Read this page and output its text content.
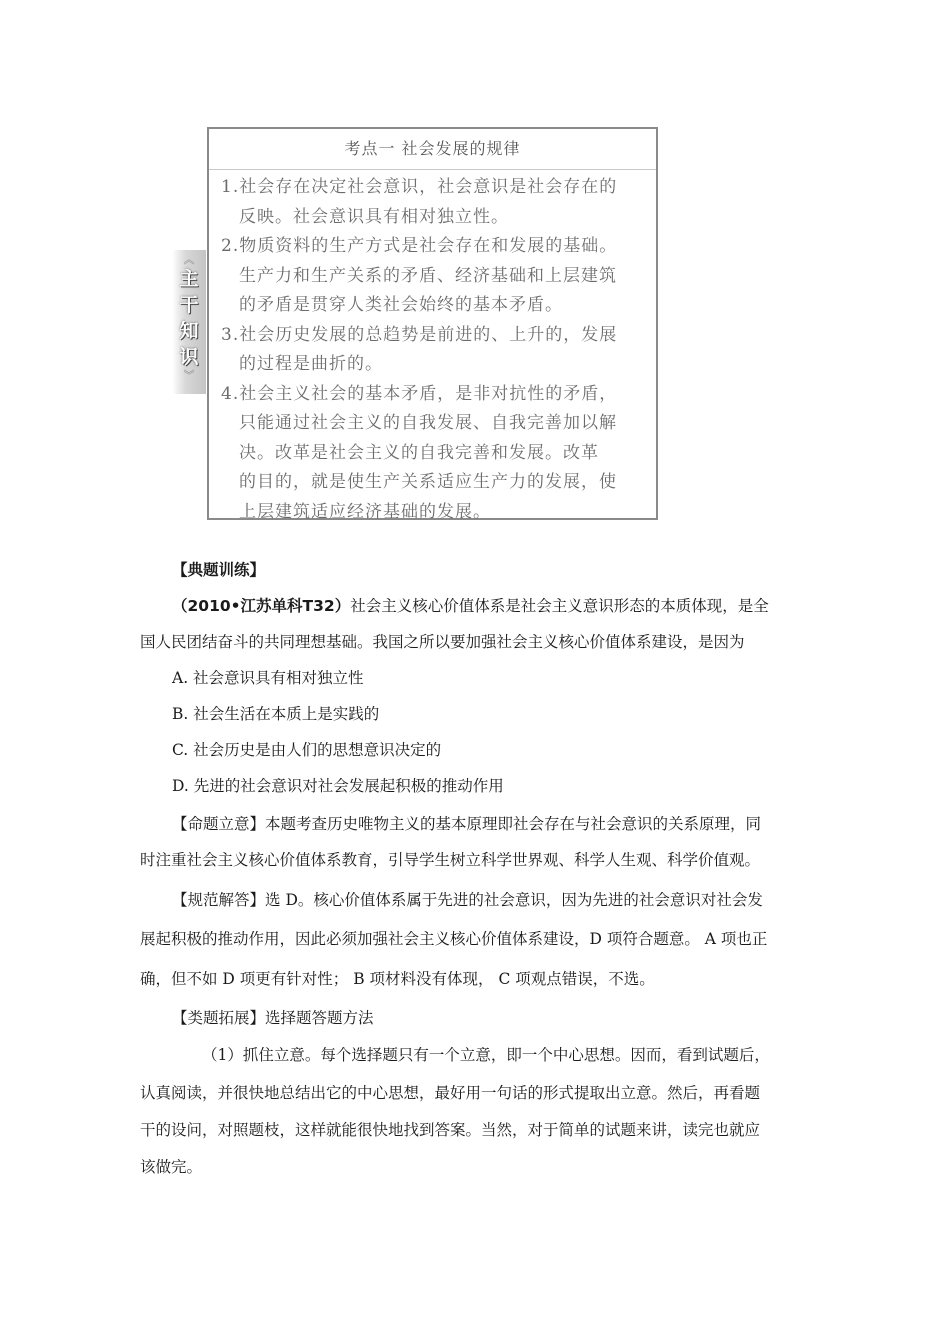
︽
主
干
知
识
︾
考点一 社会发展的规律

1.社会存在决定社会意识，社会意识是社会存在的

反映。社会意识具有相对独立性。

2.物质资料的生产方式是社会存在和发展的基础。

生产力和生产关系的矛盾、经济基础和上层建筑

的矛盾是贯穿人类社会始终的基本矛盾。

3.社会历史发展的总趋势是前进的、上升的，发展

的过程是曲折的。

4.社会主义社会的基本矛盾，是非对抗性的矛盾，

只能通过社会主义的自我发展、自我完善加以解

决。改革是社会主义的自我完善和发展。改革

的目的，就是使生产关系适应生产力的发展，使

上层建筑适应经济基础的发展。

【典题训练】
（2010•江苏单科T32）社会主义核心价值体系是社会主义意识形态的本质体现，是全
国人民团结奋斗的共同理想基础。我国之所以要加强社会主义核心价值体系建设，是因为
A. 社会意识具有相对独立性
B. 社会生活在本质上是实践的
C. 社会历史是由人们的思想意识决定的
D. 先进的社会意识对社会发展起积极的推动作用
【命题立意】本题考查历史唯物主义的基本原理即社会存在与社会意识的关系原理，同
时注重社会主义核心价值体系教育，引导学生树立科学世界观、科学人生观、科学价值观。
【规范解答】选 D。核心价值体系属于先进的社会意识，因为先进的社会意识对社会发
展起积极的推动作用，因此必须加强社会主义核心价值体系建设，D 项符合题意。 A 项也正
确，但不如 D 项更有针对性； B 项材料没有体现， C 项观点错误，不选。
【类题拓展】选择题答题方法
（1）抓住立意。每个选择题只有一个立意，即一个中心思想。因而，看到试题后，
认真阅读，并很快地总结出它的中心思想，最好用一句话的形式提取出立意。然后，再看题
干的设问，对照题枝，这样就能很快地找到答案。当然，对于简单的试题来讲，读完也就应
该做完。
